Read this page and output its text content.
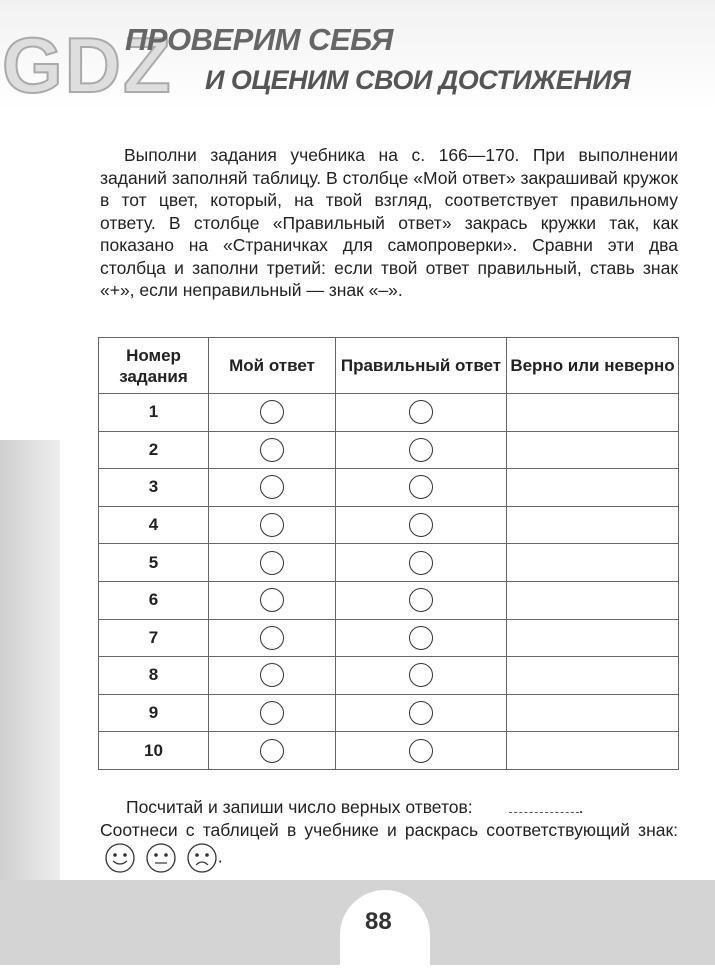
GDZ
ПРОВЕРИМ СЕБЯ
И ОЦЕНИМ СВОИ ДОСТИЖЕНИЯ

Выполни задания учебника на с. 166—170. При выполнении заданий заполняй таблицу. В столбце «Мой ответ» закрашивай кружок в тот цвет, который, на твой взгляд, соответствует правильному ответу. В столбце «Правильный ответ» закрась кружки так, как показано на «Страничках для самопроверки». Сравни эти два столбца и заполни третий: если твой ответ правильный, ставь знак «+», если неправильный — знак «–».

Номер задания	Мой ответ	Правильный ответ	Верно или неверно
1			
2			
3			
4			
5			
6			
7			
8			
9			
10			
Посчитай и запиши число верных ответов:	.
Соотнеси с таблицей в учебнике и раскрась соответствующий знак:   .
88
